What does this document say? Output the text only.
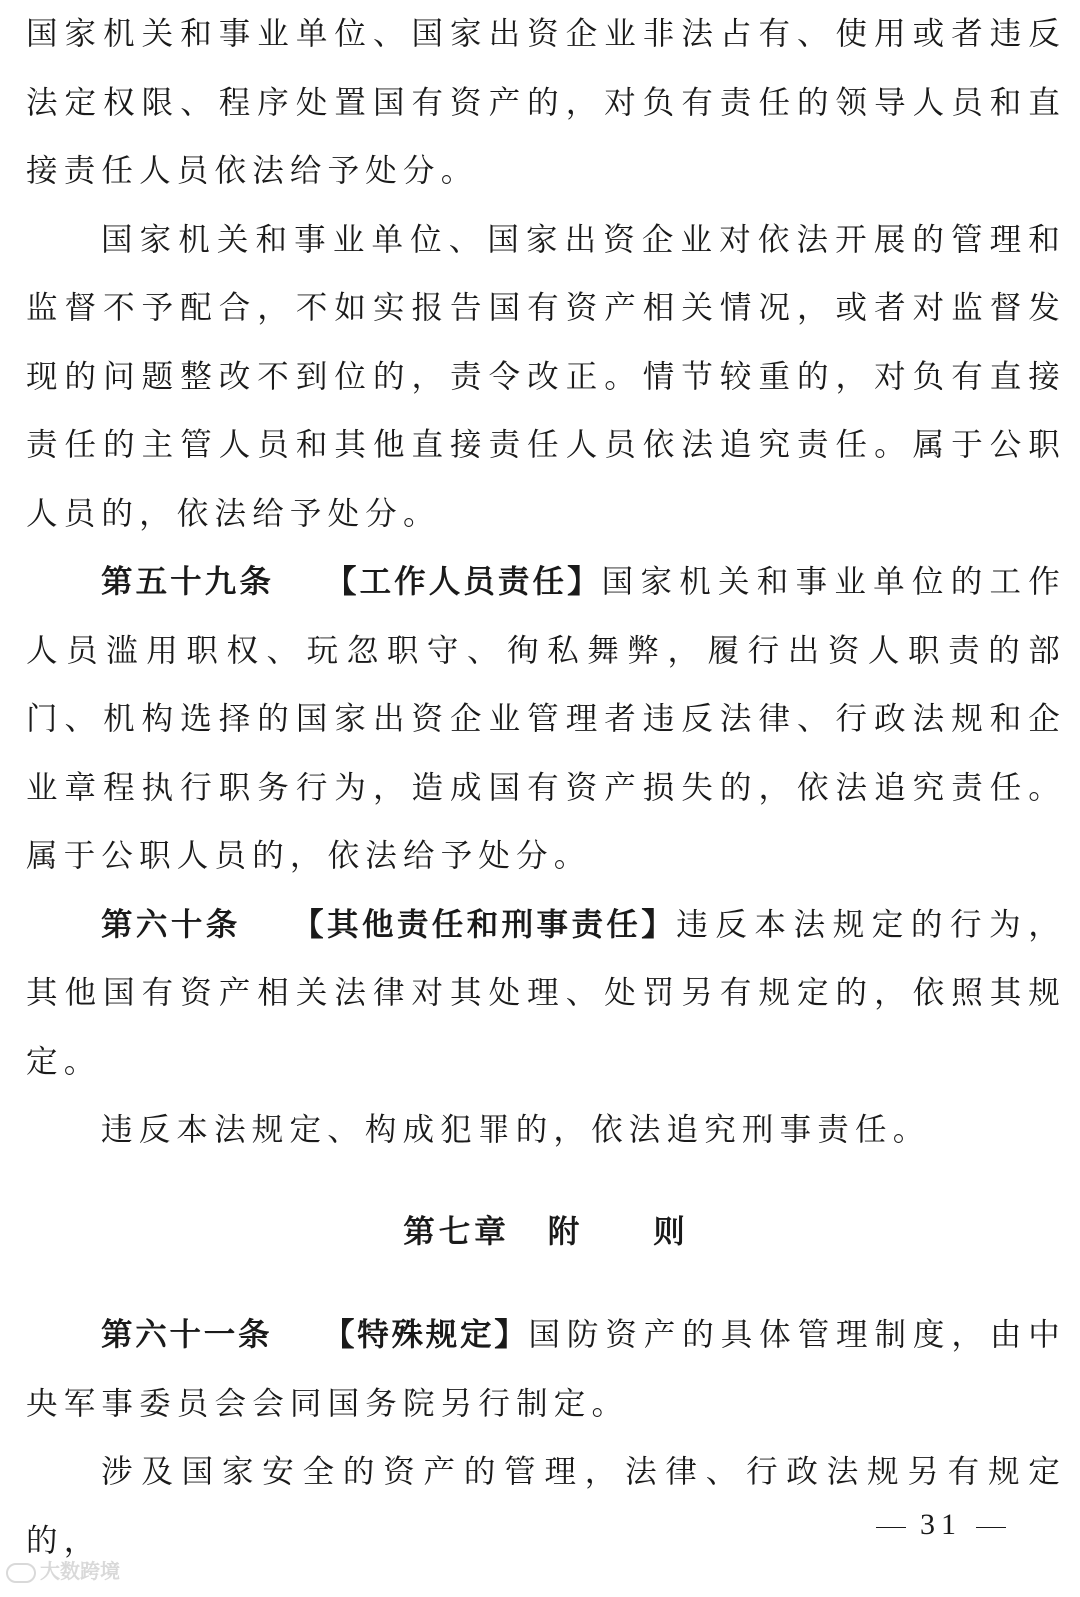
国家机关和事业单位、国家出资企业非法占有、使用或者违反法定权限、程序处置国有资产的，对负有责任的领导人员和直接责任人员依法给予处分。

国家机关和事业单位、国家出资企业对依法开展的管理和监督不予配合，不如实报告国有资产相关情况，或者对监督发现的问题整改不到位的，责令改正。情节较重的，对负有直接责任的主管人员和其他直接责任人员依法追究责任。属于公职人员的，依法给予处分。

第五十九条 【工作人员责任】国家机关和事业单位的工作人员滥用职权、玩忽职守、徇私舞弊，履行出资人职责的部门、机构选择的国家出资企业管理者违反法律、行政法规和企业章程执行职务行为，造成国有资产损失的，依法追究责任。属于公职人员的，依法给予处分。

第六十条 【其他责任和刑事责任】违反本法规定的行为，其他国有资产相关法律对其处理、处罚另有规定的，依照其规定。

违反本法规定、构成犯罪的，依法追究刑事责任。

第七章 附 则

第六十一条 【特殊规定】国防资产的具体管理制度，由中央军事委员会会同国务院另行制定。

涉及国家安全的资产的管理，法律、行政法规另有规定的，	31
大数跨境
